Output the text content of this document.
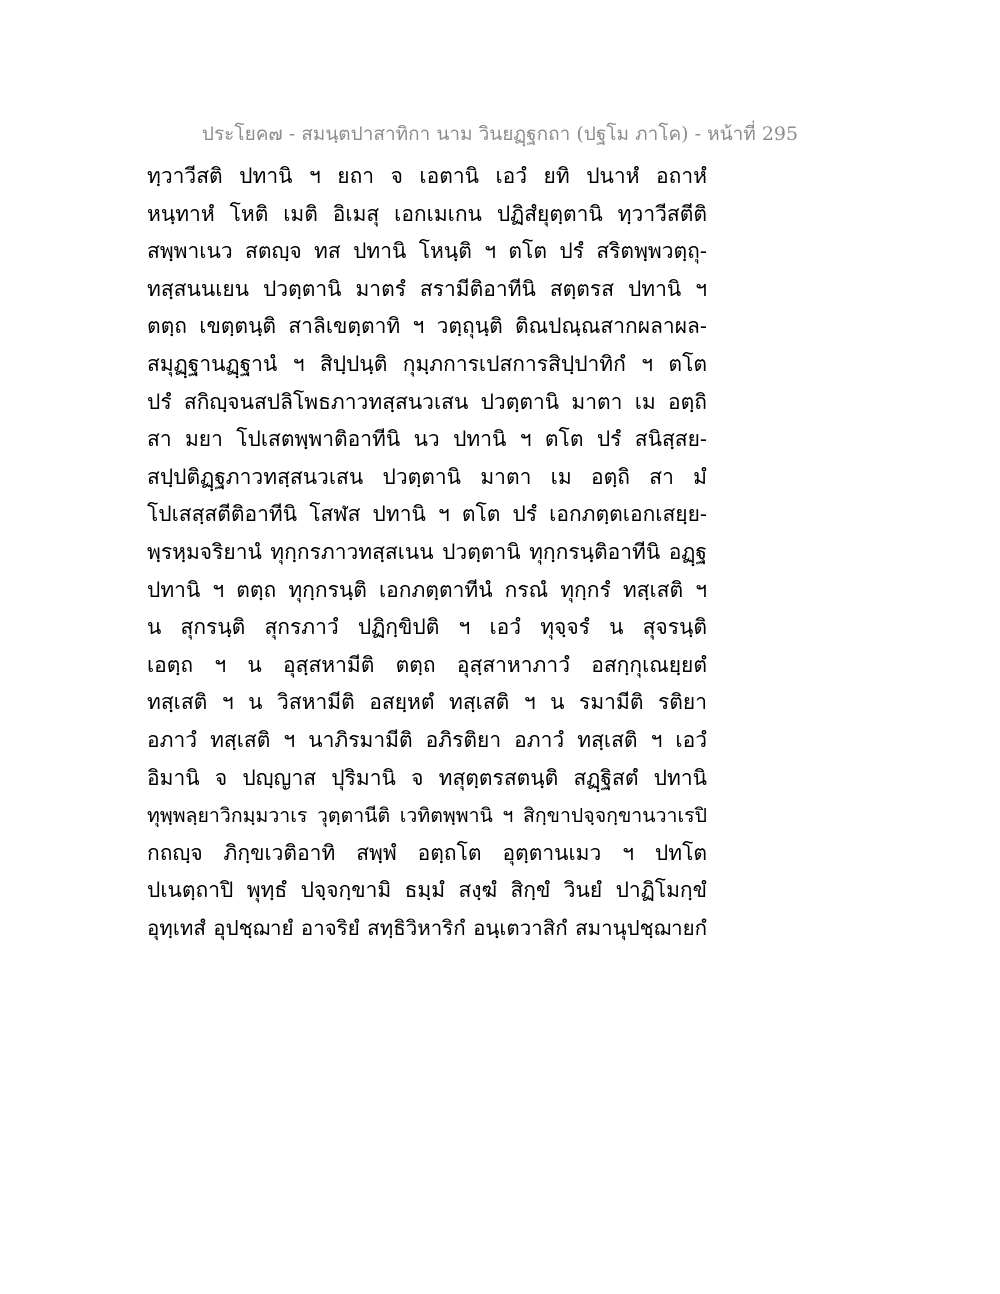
ประโยค๗ - สมนฺตปาสาทิกา นาม วินยฏฺฐกถา (ปฐโม ภาโค) - หน้าที่ 295
ทฺวาวีสติ ปทานิ ฯ ยถา จ เอตานิ เอวํ ยทิ ปนาหํ อถาหํ
หนฺทาหํ โหติ เมติ อิเมสุ เอกเมเกน ปฏิสํยุตฺตานิ ทฺวาวีสตีติ
สพฺพาเนว สตญฺจ ทส ปทานิ โหนฺติ ฯ ตโต ปรํ สริตพฺพวตฺถุ-
ทสฺสนนเยน ปวตฺตานิ มาตรํ สรามีติอาทีนิ สตฺตรส ปทานิ ฯ
ตตฺถ เขตฺตนฺติ สาลิเขตฺตาทิ ฯ วตฺถุนฺติ ติณปณฺณสากผลาผล-
สมุฏฺฐานฏฺฐานํ ฯ สิปฺปนฺติ กุมฺภการเปสการสิปฺปาทิกํ ฯ ตโต
ปรํ สกิญฺจนสปลิโพธภาวทสฺสนวเสน ปวตฺตานิ มาตา เม อตฺถิ
สา มยา โปเสตพฺพาติอาทีนิ นว ปทานิ ฯ ตโต ปรํ สนิสฺสย-
สปฺปติฏฺฐภาวทสฺสนวเสน ปวตฺตานิ มาตา เม อตฺถิ สา มํ
โปเสสฺสตีติอาทีนิ โสฬส ปทานิ ฯ ตโต ปรํ เอกภตฺตเอกเสยฺย-
พฺรหฺมจริยานํ ทุกฺกรภาวทสฺสเนน ปวตฺตานิ ทุกฺกรนฺติอาทีนิ อฏฺฐ
ปทานิ ฯ ตตฺถ ทุกฺกรนฺติ เอกภตฺตาทีนํ กรณํ ทุกฺกรํ ทสฺเสติ ฯ
น สุกรนฺติ สุกรภาวํ ปฏิกฺขิปติ ฯ เอวํ ทุจฺจรํ น สุจรนฺติ
เอตฺถ ฯ น อุสฺสหามีติ ตตฺถ อุสฺสาหาภาวํ อสกฺกุเณยฺยตํ
ทสฺเสติ ฯ น วิสหามีติ อสยฺหตํ ทสฺเสติ ฯ น รมามีติ รติยา
อภาวํ ทสฺเสติ ฯ นาภิรมามีติ อภิรติยา อภาวํ ทสฺเสติ ฯ เอวํ
อิมานิ จ ปญฺญาส ปุริมานิ จ ทสุตฺตรสตนฺติ สฏฺฐิสตํ ปทานิ
ทุพฺพลฺยาวิกมฺมวาเร วุตฺตานีติ เวทิตพฺพานิ ฯ สิกฺขาปจฺจกฺขานวาเรปิ
กถญฺจ ภิกฺขเวติอาทิ สพฺพํ อตฺถโต อุตฺตานเมว ฯ ปทโต
ปเนตฺถาปิ พุทฺธํ ปจฺจกฺขามิ ธมฺมํ สงฺฆํ สิกฺขํ วินยํ ปาฏิโมกฺขํ
อุทฺเทสํ อุปชฺฌายํ อาจริยํ สทฺธิวิหาริกํ อนฺเตวาสิกํ สมานุปชฺฌายกํ
